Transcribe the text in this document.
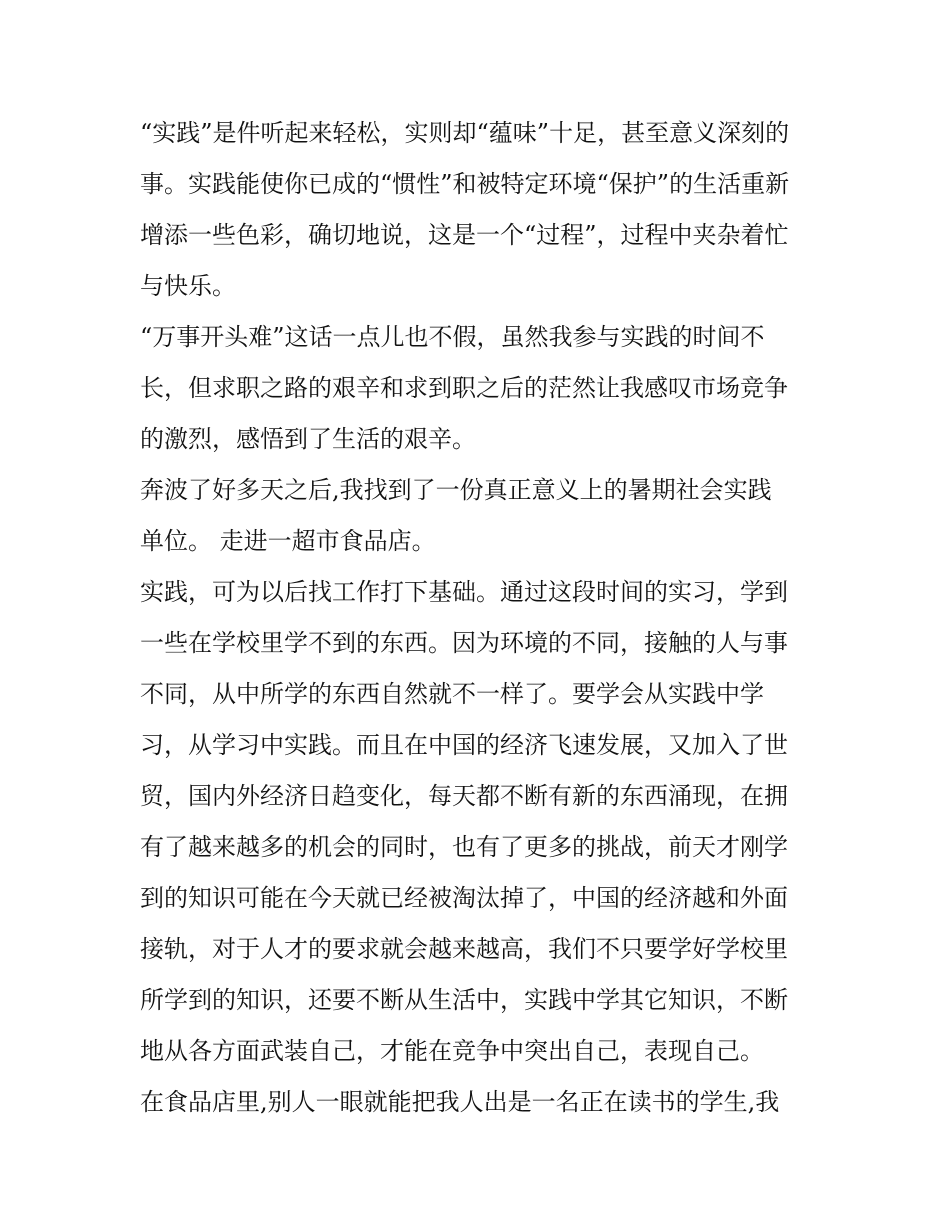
“实践”是件听起来轻松，实则却“蕴味”十足，甚至意义深刻的
事。实践能使你已成的“惯性”和被特定环境“保护”的生活重新
增添一些色彩，确切地说，这是一个“过程”，过程中夹杂着忙
与快乐。
“万事开头难”这话一点儿也不假，虽然我参与实践的时间不
长，但求职之路的艰辛和求到职之后的茫然让我感叹市场竞争
的激烈，感悟到了生活的艰辛。
奔波了好多天之后,我找到了一份真正意义上的暑期社会实践
单位。 走进一超市食品店。
实践，可为以后找工作打下基础。通过这段时间的实习，学到
一些在学校里学不到的东西。因为环境的不同，接触的人与事
不同，从中所学的东西自然就不一样了。要学会从实践中学
习，从学习中实践。而且在中国的经济飞速发展，又加入了世
贸，国内外经济日趋变化，每天都不断有新的东西涌现，在拥
有了越来越多的机会的同时，也有了更多的挑战，前天才刚学
到的知识可能在今天就已经被淘汰掉了，中国的经济越和外面
接轨，对于人才的要求就会越来越高，我们不只要学好学校里
所学到的知识，还要不断从生活中，实践中学其它知识，不断
地从各方面武装自己，才能在竞争中突出自己，表现自己。
在食品店里,别人一眼就能把我人出是一名正在读书的学生,我
